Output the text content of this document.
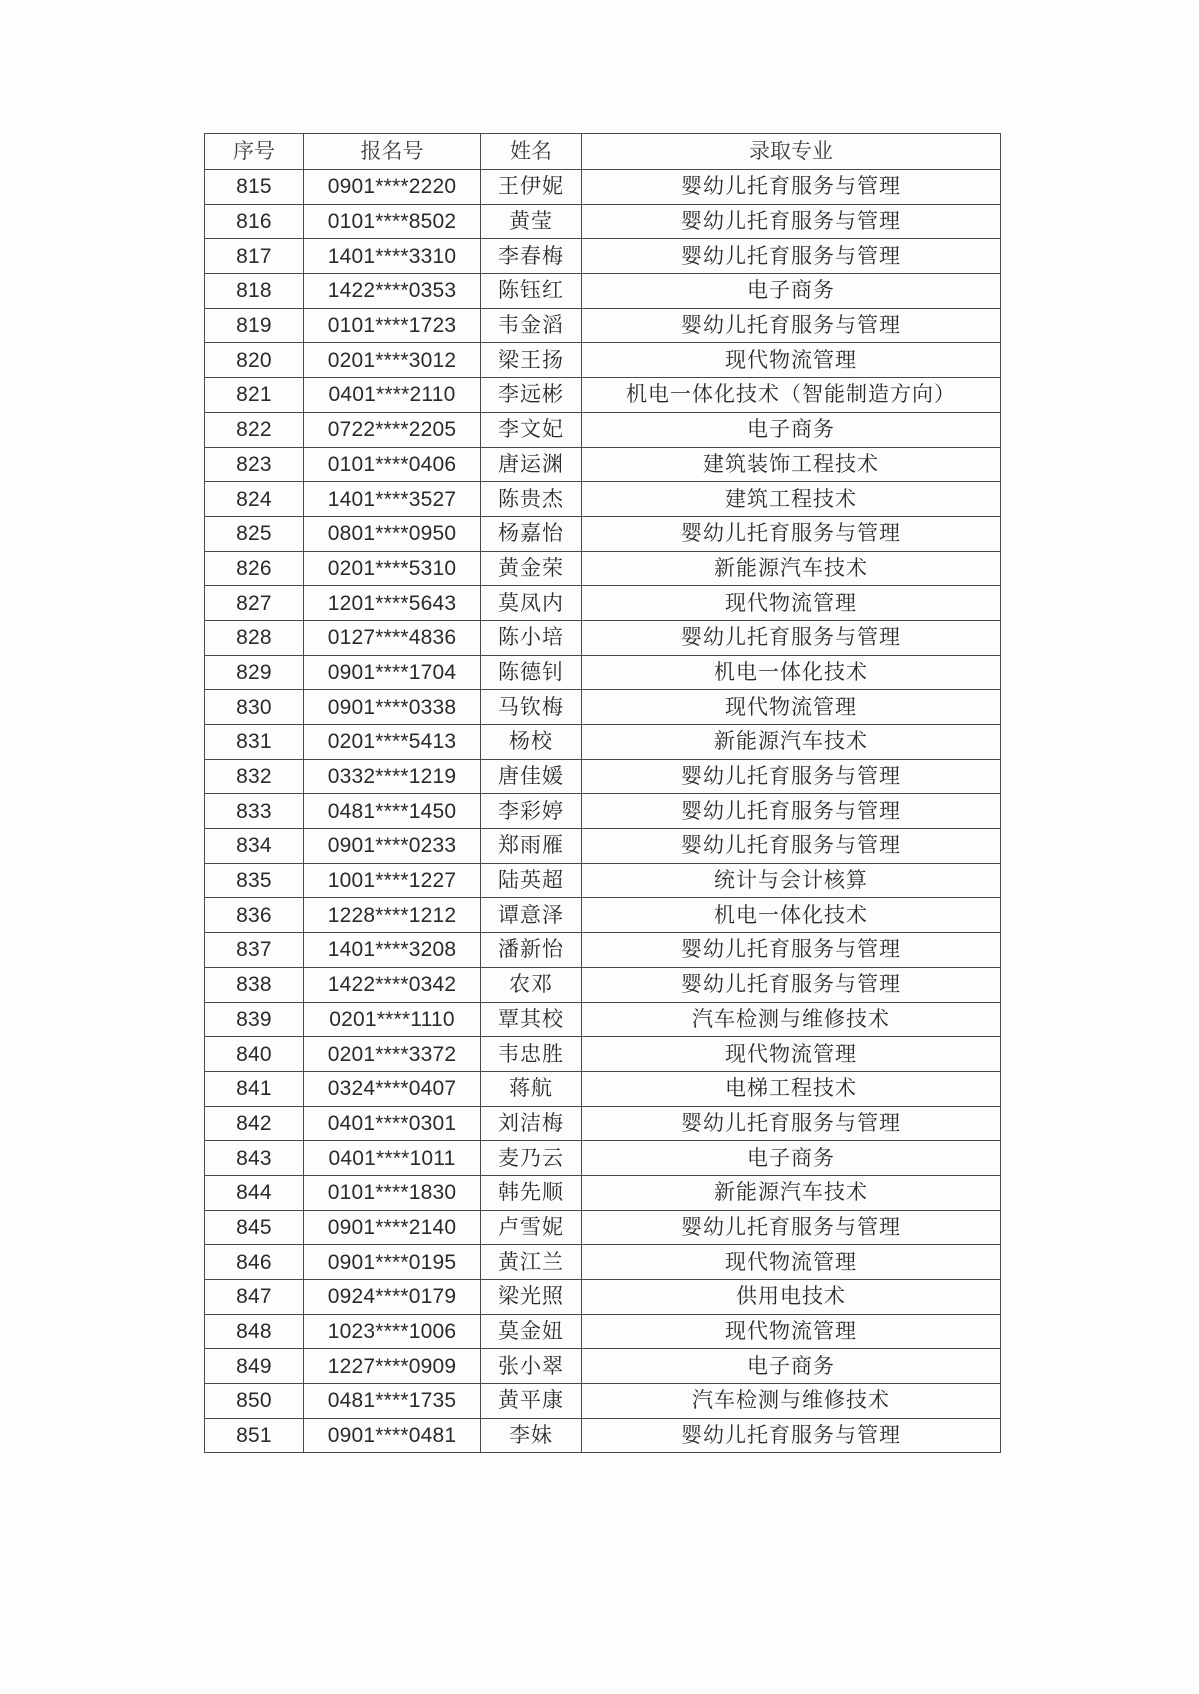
序号	报名号	姓名	录取专业
815	0901****2220	王伊妮	婴幼儿托育服务与管理
816	0101****8502	黄莹	婴幼儿托育服务与管理
817	1401****3310	李春梅	婴幼儿托育服务与管理
818	1422****0353	陈钰红	电子商务
819	0101****1723	韦金滔	婴幼儿托育服务与管理
820	0201****3012	梁王扬	现代物流管理
821	0401****2110	李远彬	机电一体化技术（智能制造方向）
822	0722****2205	李文妃	电子商务
823	0101****0406	唐运渊	建筑装饰工程技术
824	1401****3527	陈贵杰	建筑工程技术
825	0801****0950	杨嘉怡	婴幼儿托育服务与管理
826	0201****5310	黄金荣	新能源汽车技术
827	1201****5643	莫凤内	现代物流管理
828	0127****4836	陈小培	婴幼儿托育服务与管理
829	0901****1704	陈德钊	机电一体化技术
830	0901****0338	马钦梅	现代物流管理
831	0201****5413	杨校	新能源汽车技术
832	0332****1219	唐佳媛	婴幼儿托育服务与管理
833	0481****1450	李彩婷	婴幼儿托育服务与管理
834	0901****0233	郑雨雁	婴幼儿托育服务与管理
835	1001****1227	陆英超	统计与会计核算
836	1228****1212	谭意泽	机电一体化技术
837	1401****3208	潘新怡	婴幼儿托育服务与管理
838	1422****0342	农邓	婴幼儿托育服务与管理
839	0201****1110	覃其校	汽车检测与维修技术
840	0201****3372	韦忠胜	现代物流管理
841	0324****0407	蒋航	电梯工程技术
842	0401****0301	刘洁梅	婴幼儿托育服务与管理
843	0401****1011	麦乃云	电子商务
844	0101****1830	韩先顺	新能源汽车技术
845	0901****2140	卢雪妮	婴幼儿托育服务与管理
846	0901****0195	黄江兰	现代物流管理
847	0924****0179	梁光照	供用电技术
848	1023****1006	莫金妞	现代物流管理
849	1227****0909	张小翠	电子商务
850	0481****1735	黄平康	汽车检测与维修技术
851	0901****0481	李妹	婴幼儿托育服务与管理
